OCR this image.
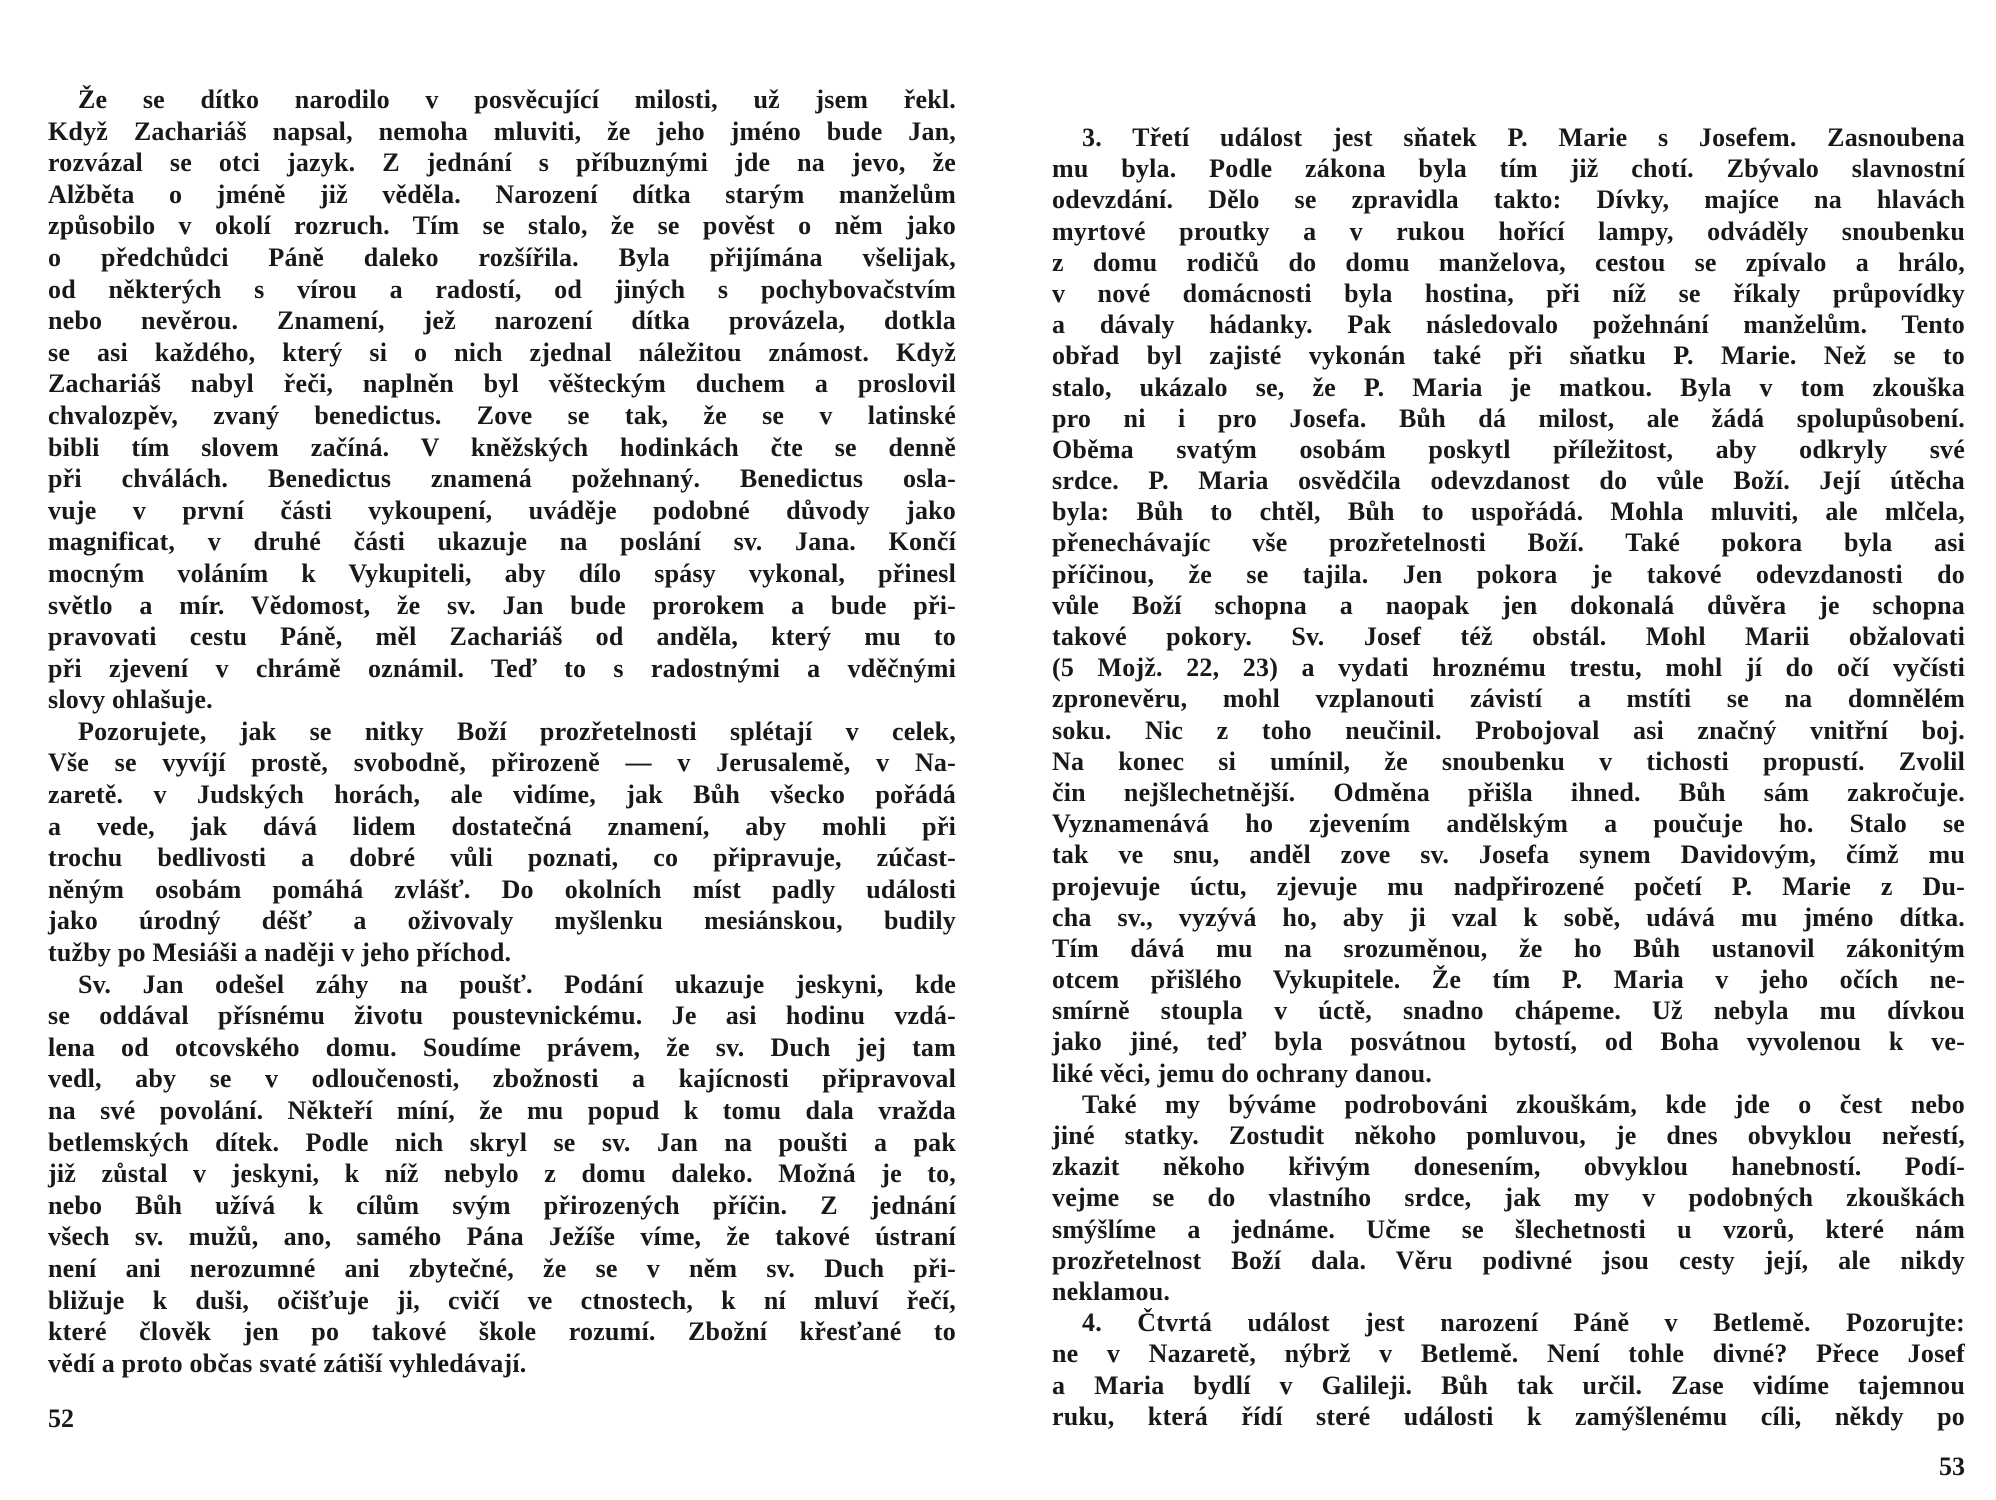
Že se dítko narodilo v posvěcující milosti, už jsem řekl.
Když Zachariáš napsal, nemoha mluviti, že jeho jméno bude Jan,
rozvázal se otci jazyk. Z jednání s příbuznými jde na jevo, že
Alžběta o jméně již věděla. Narození dítka starým manželům
způsobilo v okolí rozruch. Tím se stalo, že se pověst o něm jako
o předchůdci Páně daleko rozšířila. Byla přijímána všelijak,
od některých s vírou a radostí, od jiných s pochybovačstvím
nebo nevěrou. Znamení, jež narození dítka provázela, dotkla
se asi každého, který si o nich zjednal náležitou známost. Když
Zachariáš nabyl řeči, naplněn byl věšteckým duchem a proslovil
chvalozpěv, zvaný benedictus. Zove se tak, že se v latinské
bibli tím slovem začíná. V kněžských hodinkách čte se denně
při chválách. Benedictus znamená požehnaný. Benedictus osla-
vuje v první části vykoupení, uváděje podobné důvody jako
magnificat, v druhé části ukazuje na poslání sv. Jana. Končí
mocným voláním k Vykupiteli, aby dílo spásy vykonal, přinesl
světlo a mír. Vědomost, že sv. Jan bude prorokem a bude při-
pravovati cestu Páně, měl Zachariáš od anděla, který mu to
při zjevení v chrámě oznámil. Teď to s radostnými a vděčnými
slovy ohlašuje.
Pozorujete, jak se nitky Boží prozřetelnosti splétají v celek,
Vše se vyvíjí prostě, svobodně, přirozeně — v Jerusalemě, v Na-
zaretě. v Judských horách, ale vidíme, jak Bůh všecko pořádá
a vede, jak dává lidem dostatečná znamení, aby mohli při
trochu bedlivosti a dobré vůli poznati, co připravuje, zúčast-
něným osobám pomáhá zvlášť. Do okolních míst padly události
jako úrodný déšť a oživovaly myšlenku mesiánskou, budily
tužby po Mesiáši a naději v jeho příchod.
Sv. Jan odešel záhy na poušť. Podání ukazuje jeskyni, kde
se oddával přísnému životu poustevnickému. Je asi hodinu vzdá-
lena od otcovského domu. Soudíme právem, že sv. Duch jej tam
vedl, aby se v odloučenosti, zbožnosti a kajícnosti připravoval
na své povolání. Někteří míní, že mu popud k tomu dala vražda
betlemských dítek. Podle nich skryl se sv. Jan na poušti a pak
již zůstal v jeskyni, k níž nebylo z domu daleko. Možná je to,
nebo Bůh užívá k cílům svým přirozených příčin. Z jednání
všech sv. mužů, ano, samého Pána Ježíše víme, že takové ústraní
není ani nerozumné ani zbytečné, že se v něm sv. Duch při-
bližuje k duši, očišťuje ji, cvičí ve ctnostech, k ní mluví řečí,
které člověk jen po takové škole rozumí. Zbožní křesťané to
vědí a proto občas svaté zátiší vyhledávají.
52
3. Třetí událost jest sňatek P. Marie s Josefem. Zasnoubena
mu byla. Podle zákona byla tím již chotí. Zbývalo slavnostní
odevzdání. Dělo se zpravidla takto: Dívky, majíce na hlavách
myrtové proutky a v rukou hořící lampy, odváděly snoubenku
z domu rodičů do domu manželova, cestou se zpívalo a hrálo,
v nové domácnosti byla hostina, při níž se říkaly průpovídky
a dávaly hádanky. Pak následovalo požehnání manželům. Tento
obřad byl zajisté vykonán také při sňatku P. Marie. Než se to
stalo, ukázalo se, že P. Maria je matkou. Byla v tom zkouška
pro ni i pro Josefa. Bůh dá milost, ale žádá spolupůsobení.
Oběma svatým osobám poskytl příležitost, aby odkryly své
srdce. P. Maria osvědčila odevzdanost do vůle Boží. Její útěcha
byla: Bůh to chtěl, Bůh to uspořádá. Mohla mluviti, ale mlčela,
přenechávajíc vše prozřetelnosti Boží. Také pokora byla asi
příčinou, že se tajila. Jen pokora je takové odevzdanosti do
vůle Boží schopna a naopak jen dokonalá důvěra je schopna
takové pokory. Sv. Josef též obstál. Mohl Marii obžalovati
(5 Mojž. 22, 23) a vydati hroznému trestu, mohl jí do očí vyčísti
zpronevěru, mohl vzplanouti závistí a mstíti se na domnělém
soku. Nic z toho neučinil. Probojoval asi značný vnitřní boj.
Na konec si umínil, že snoubenku v tichosti propustí. Zvolil
čin nejšlechetnější. Odměna přišla ihned. Bůh sám zakročuje.
Vyznamenává ho zjevením andělským a poučuje ho. Stalo se
tak ve snu, anděl zove sv. Josefa synem Davidovým, čímž mu
projevuje úctu, zjevuje mu nadpřirozené početí P. Marie z Du-
cha sv., vyzývá ho, aby ji vzal k sobě, udává mu jméno dítka.
Tím dává mu na srozuměnou, že ho Bůh ustanovil zákonitým
otcem přišlého Vykupitele. Že tím P. Maria v jeho očích ne-
smírně stoupla v úctě, snadno chápeme. Už nebyla mu dívkou
jako jiné, teď byla posvátnou bytostí, od Boha vyvolenou k ve-
liké věci, jemu do ochrany danou.
Také my býváme podrobováni zkouškám, kde jde o čest nebo
jiné statky. Zostudit někoho pomluvou, je dnes obvyklou neřestí,
zkazit někoho křivým donesením, obvyklou hanebností. Podí-
vejme se do vlastního srdce, jak my v podobných zkouškách
smýšlíme a jednáme. Učme se šlechetnosti u vzorů, které nám
prozřetelnost Boží dala. Věru podivné jsou cesty její, ale nikdy
neklamou.
4. Čtvrtá událost jest narození Páně v Betlemě. Pozorujte:
ne v Nazaretě, nýbrž v Betlemě. Není tohle divné? Přece Josef
a Maria bydlí v Galileji. Bůh tak určil. Zase vidíme tajemnou
ruku, která řídí steré události k zamýšlenému cíli, někdy po
53
